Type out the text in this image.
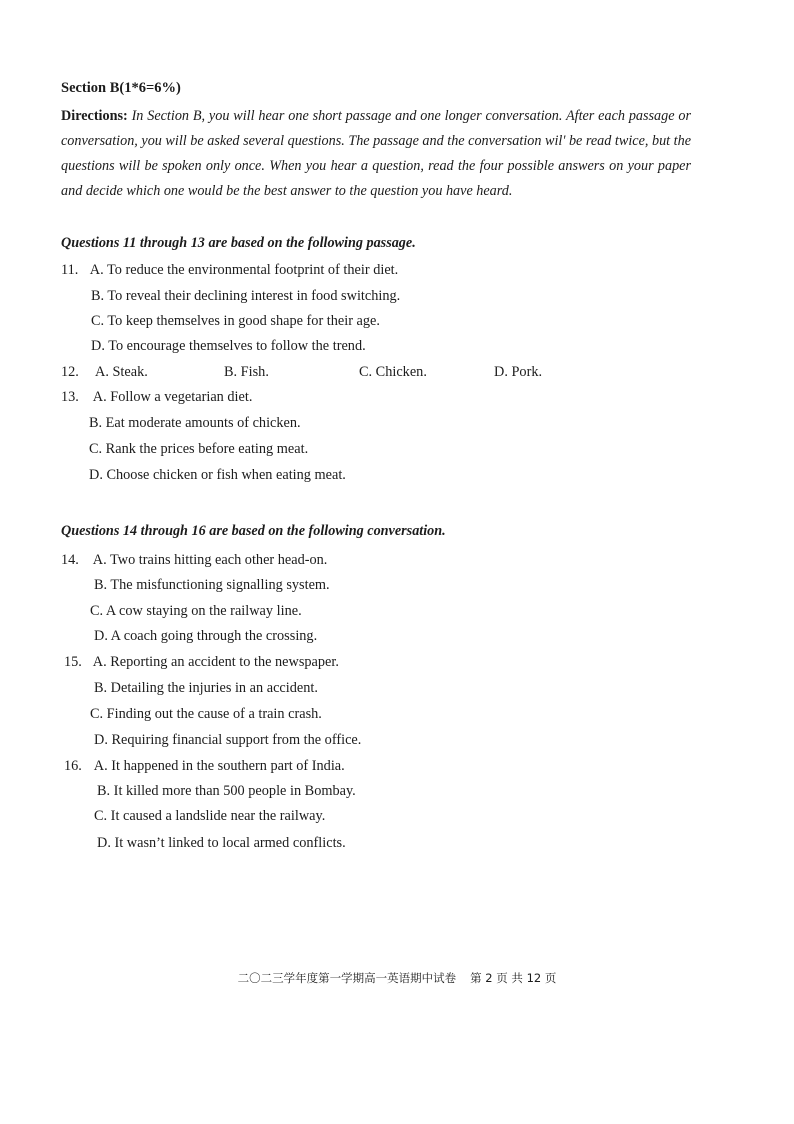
Section B(1*6=6%)
Directions: In Section B, you will hear one short passage and one longer conversation. After each passage or conversation, you will be asked several questions. The passage and the conversation wil' be read twice, but the questions will be spoken only once. When you hear a question, read the four possible answers on your paper and decide which one would be the best answer to the question you have heard.
Questions 11 through 13 are based on the following passage.
11. A. To reduce the environmental footprint of their diet.
B. To reveal their declining interest in food switching.
C. To keep themselves in good shape for their age.
D. To encourage themselves to follow the trend.
12. A. Steak.	B. Fish.	C. Chicken.	D. Pork.
13. A. Follow a vegetarian diet.
B. Eat moderate amounts of chicken.
C. Rank the prices before eating meat.
D. Choose chicken or fish when eating meat.
Questions 14 through 16 are based on the following conversation.
14. A. Two trains hitting each other head-on.
B. The misfunctioning signalling system.
C. A cow staying on the railway line.
D. A coach going through the crossing.
15. A. Reporting an accident to the newspaper.
B. Detailing the injuries in an accident.
C. Finding out the cause of a train crash.
D. Requiring financial support from the office.
16. A. It happened in the southern part of India.
B. It killed more than 500 people in Bombay.
C. It caused a landslide near the railway.
D. It wasn’t linked to local armed conflicts.
二〇二三学年度第一学期高一英语期中试卷 第 2 页 共 12 页
